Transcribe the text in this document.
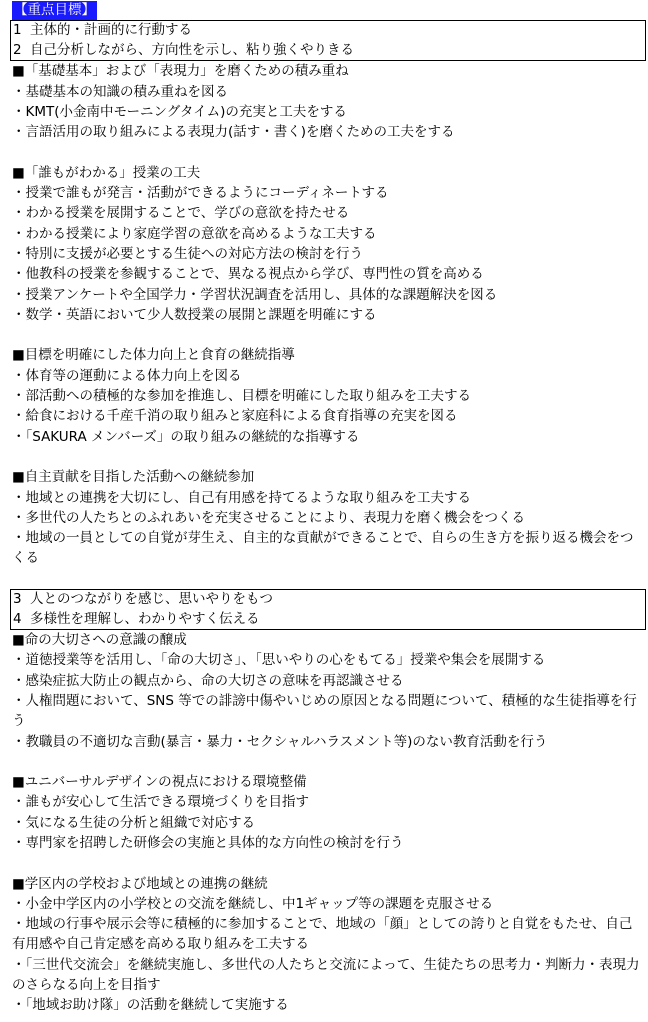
【重点目標】
1 主体的・計画的に行動する
2 自己分析しながら、方向性を示し、粘り強くやりきる
■「基礎基本」および「表現力」を磨くための積み重ね
・基礎基本の知識の積み重ねを図る
・KMT(小金南中モーニングタイム)の充実と工夫をする
・言語活用の取り組みによる表現力(話す・書く)を磨くための工夫をする
■「誰もがわかる」授業の工夫
・授業で誰もが発言・活動ができるようにコーディネートする
・わかる授業を展開することで、学びの意欲を持たせる
・わかる授業により家庭学習の意欲を高めるような工夫する
・特別に支援が必要とする生徒への対応方法の検討を行う
・他教科の授業を参観することで、異なる視点から学び、専門性の質を高める
・授業アンケートや全国学力・学習状況調査を活用し、具体的な課題解決を図る
・数学・英語において少人数授業の展開と課題を明確にする
■目標を明確にした体力向上と食育の継続指導
・体育等の運動による体力向上を図る
・部活動への積極的な参加を推進し、目標を明確にした取り組みを工夫する
・給食における千産千消の取り組みと家庭科による食育指導の充実を図る
・「SAKURA メンバーズ」の取り組みの継続的な指導する
■自主貢献を目指した活動への継続参加
・地域との連携を大切にし、自己有用感を持てるような取り組みを工夫する
・多世代の人たちとのふれあいを充実させることにより、表現力を磨く機会をつくる
・地域の一員としての自覚が芽生え、自主的な貢献ができることで、自らの生き方を振り返る機会をつくる
3 人とのつながりを感じ、思いやりをもつ
4 多様性を理解し、わかりやすく伝える
■命の大切さへの意識の醸成
・道徳授業等を活用し、「命の大切さ」、「思いやりの心をもてる」授業や集会を展開する
・感染症拡大防止の観点から、命の大切さの意味を再認識させる
・人権問題において、SNS 等での誹謗中傷やいじめの原因となる問題について、積極的な生徒指導を行う
・教職員の不適切な言動(暴言・暴力・セクシャルハラスメント等)のない教育活動を行う
■ユニバーサルデザインの視点における環境整備
・誰もが安心して生活できる環境づくりを目指す
・気になる生徒の分析と組織で対応する
・専門家を招聘した研修会の実施と具体的な方向性の検討を行う
■学区内の学校および地域との連携の継続
・小金中学区内の小学校との交流を継続し、中1ギャップ等の課題を克服させる
・地域の行事や展示会等に積極的に参加することで、地域の「顔」としての誇りと自覚をもたせ、自己有用感や自己肯定感を高める取り組みを工夫する
・「三世代交流会」を継続実施し、多世代の人たちと交流によって、生徒たちの思考力・判断力・表現力のさらなる向上を目指す
・「地域お助け隊」の活動を継続して実施する
